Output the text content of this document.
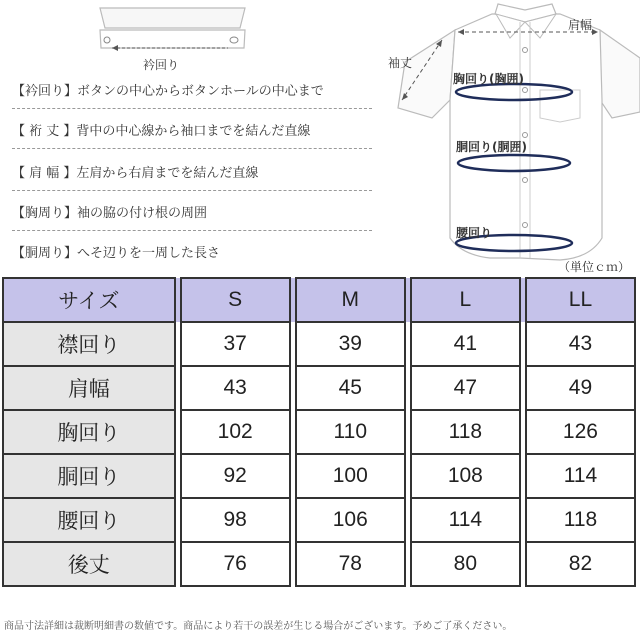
衿回り
【衿回り】ボタンの中心からボタンホールの中心まで
【 裄 丈 】背中の中心線から袖口までを結んだ直線
【 肩 幅 】左肩から右肩までを結んだ直線
【胸周り】袖の脇の付け根の周囲
【胴周り】へそ辺りを一周した長さ
肩幅
袖丈
胸回り(胸囲)
胴回り(胴囲)
腰回り
（単位ｃｍ）
サイズ		S		M		L		LL
襟回り		37		39		41		43
肩幅		43		45		47		49
胸回り		102		110		118		126
胴回り		92		100		108		114
腰回り		98		106		114		118
後丈		76		78		80		82
商品寸法詳細は裁断明細書の数値です。商品により若干の誤差が生じる場合がございます。予めご了承ください。
